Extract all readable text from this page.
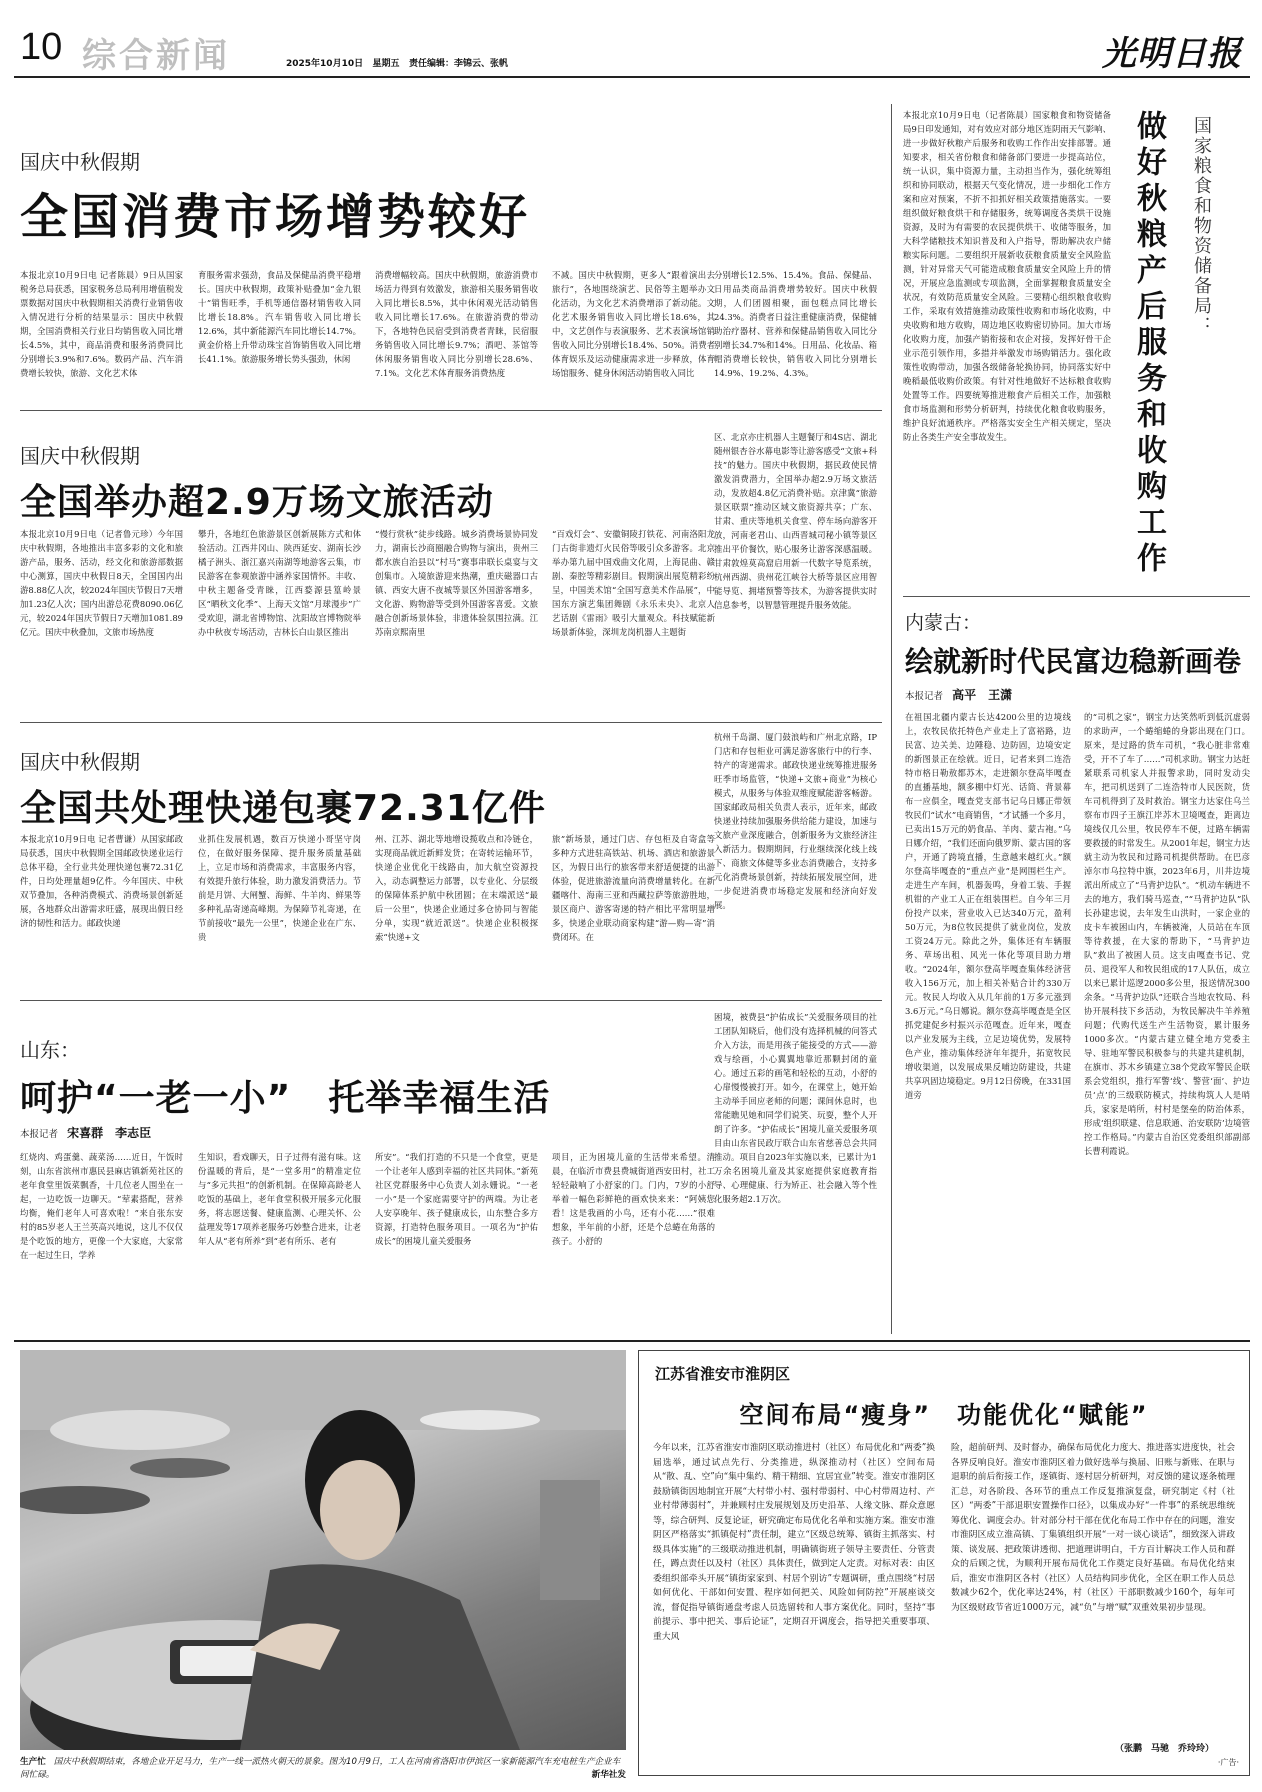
10 综合新闻	2025年10月10日 星期五 责任编辑：李锦云、张帆	光明日报
国庆中秋假期
全国消费市场增势较好
本报北京10月9日电 记者陈晨）9日从国家税务总局获悉，国家税务总局利用增值税发票数据对国庆中秋假期相关消费行业销售收入情况进行分析的结果显示：国庆中秋假期，全国消费相关行业日均销售收入同比增长4.5%，其中，商品消费和服务消费同比分别增长3.9%和7.6%。数码产品、汽车消费增长较快，旅游、文化艺术体
育服务需求强劲，食品及保健品消费平稳增长。国庆中秋假期，政策补贴叠加“金九银十”销售旺季，手机等通信器材销售收入同比增长18.8%。汽车销售收入同比增长12.6%，其中新能源汽车同比增长14.7%。黄金价格上升带动珠宝首饰销售收入同比增长41.1%。旅游服务增长势头强劲，休闲
消费增幅较高。国庆中秋假期，旅游消费市场活力得到有效激发，旅游相关服务销售收入同比增长8.5%，其中休闲观光活动销售收入同比增长17.6%。在旅游消费的带动下，各地特色民宿受到消费者青睐，民宿服务销售收入同比增长9.7%；酒吧、茶馆等休闲服务销售收入同比分别增长28.6%、7.1%。文化艺术体育服务消费热度
不减。国庆中秋假期，更多人“跟着演出去旅行”，各地围绕演艺、民俗等主题举办文化活动，为文化艺术消费增添了新动能。文化艺术服务销售收入同比增长18.6%，其中，文艺创作与表演服务、艺术表演场馆销售收入同比分别增长18.4%、50%。消费者体育娱乐及运动健康需求进一步释放，体育场馆服务、健身休闲活动销售收入同比
分别增长12.5%、15.4%。食品、保健品、日用品类商品消费增势较好。国庆中秋假期，人们团圆相聚，面包糕点同比增长24.3%。消费者日益注重健康消费，保健辅助治疗器材、营养和保健品销售收入同比分别增长34.7%和14%。日用品、化妆品、箱帽消费增长较快，销售收入同比分别增长14.9%、19.2%、4.3%。
国庆中秋假期
全国举办超2.9万场文旅活动
本报北京10月9日电（记者鲁元珍）今年国庆中秋假期，各地推出丰富多彩的文化和旅游产品，服务、活动，经文化和旅游部数据中心测算，国庆中秋假日8天，全国国内出游8.88亿人次，较2024年国庆节假日7天增加1.23亿人次；国内出游总花费8090.06亿元，较2024年国庆节假日7天增加1081.89亿元。国庆中秋叠加，文旅市场热度
攀升，各地红色旅游景区创新展陈方式和体验活动。江西井冈山、陕西延安、湖南长沙橘子洲头、浙江嘉兴南湖等地游客云集，市民游客在参观旅游中涵养家国情怀。丰收、中秋主题备受青睐，江西婺源县篁岭景区“晒秋文化季”、上海天文馆“月球漫步”广受欢迎，湖北省博物馆、沈阳故宫博物院举办中秋夜专场活动，吉林长白山景区推出
“慢行赏秋”徒步线路。城乡消费场景协同发力，湖南长沙商圈融合购物与演出，贵州三都水族自治县以“村马”赛事串联长桌宴与文创集市。入境旅游迎来热潮，重庆磁器口古镇、西安大唐不夜城等景区外国游客增多，文化游、购物游等受到外国游客喜爱。文旅融合创新场景体验，非遗体验氛围拉满。江苏南京熙南里
“百戏灯会”、安徽铜陵打铁花、河南洛阳龙门古街非遗灯火民俗等吸引众多游客。北京举办第九届中国戏曲文化周，上海昆曲、赣剧、秦腔等精彩剧目。假期演出展览精彩纷呈，中国美术馆“全国写意美术作品展”，中国东方演艺集团舞剧《永乐未央》、北京人艺话剧《雷雨》吸引大量观众。科技赋能新场景新体验，深圳龙岗机器人主题街
区、北京亦庄机器人主题餐厅和4S店、湖北随州银杏谷水幕电影等让游客感受“文旅+科技”的魅力。国庆中秋假期，据民政使民情激发消费潜力，全国举办超2.9万场文旅活动，发放超4.8亿元消费补贴。京津冀“旅游景区联票”推动区域文旅资源共享；广东、甘肃、重庆等地机关食堂、停车场向游客开放，河南老君山、山西晋城司秘小镇等景区推出平价餐饮，贴心服务让游客深感温暖。甘肃敦煌莫高窟启用新一代数字导览系统，杭州西湖、贵州花江峡谷大桥等景区应用智能导览、拥堵预警等技术，为游客提供实时信息参考，以智慧管理提升服务效能。
国庆中秋假期
全国共处理快递包裹72.31亿件
本报北京10月9日电 记者曹谦）从国家邮政局获悉，国庆中秋假期全国邮政快递业运行总体平稳，全行业共处理快递包裹72.31亿件，日均处理量超9亿件。今年国庆、中秋双节叠加，各种消费模式、消费场景创新延展，各地群众出游需求旺盛，展现出假日经济的韧性和活力。邮政快递
业抓住发展机遇，数百万快递小哥坚守岗位，在做好服务保障、提升服务质量基础上，立足市场和消费需求，丰富服务内容，有效提升旅行体验，助力激发消费活力。节前是月饼、大闸蟹、海鲜、牛羊肉、鲜果等多种礼品寄递高峰期。为保障节礼寄递，在节前接收“最先一公里”，快递企业在广东、贵
州、江苏、湖北等地增设揽收点和冷链仓，实现商品就近新鲜发货；在寄转运输环节，快递企业优化干线路由，加大航空资源投入，动态调整运力部署，以专业化、分层级的保障体系护航中秋团圆；在末端派送“最后一公里”，快递企业通过多仓协同与智能分单，实现“就近派送”。快递企业积极探索“快递+文
旅”新场景，通过门店、存包柜及自寄盒等多种方式进驻高铁站、机场、酒店和旅游景区，为假日出行的旅客带来舒适便捷的出游体验，促进旅游流量向消费增量转化。在新疆喀什、海南三亚和西藏拉萨等旅游胜地，景区商户、游客寄递的特产相比平常明显增多，快递企业联动商家构建“游—购—寄”消费闭环。在
杭州千岛湖、厦门鼓浪屿和广州北京路，IP门店和存包柜业可满足游客旅行中的行李、特产的寄递需求。邮政快递业统筹推进服务旺季市场监管，“快递+文旅+商业”为核心模式，从服务与体验双维度赋能游客畅游。国家邮政局相关负责人表示，近年来，邮政快递业持续加强服务供给能力建设，加速与文旅产业深度融合，创新服务为文旅经济注入新活力。假期期间，行业继续深化线上线下、商旅文体健等多业态消费融合，支持多元化消费场景创新，持续拓展发展空间，进一步促进消费市场稳定发展和经济向好发展。
山东：
呵护“一老一小”　托举幸福生活
本报记者 宋喜群　李志臣
红烧肉、鸡蛋羹、蔬菜汤……近日，午饭时刻，山东省滨州市惠民县麻店镇新苑社区的老年食堂里饭菜飘香，十几位老人围坐在一起，一边吃饭一边聊天。“荤素搭配，营养均衡，俺们老年人可喜欢啦！”来自张东安村的85岁老人王兰英高兴地说，这儿不仅仅是个吃饭的地方，更像一个大家庭，大家常在一起过生日，学养
生知识，看戏聊天，日子过得有滋有味。这份温暖的背后，是“一堂多用”的精准定位与“多元共担”的创新机制。在保障高龄老人吃饭的基础上，老年食堂积极开展多元化服务，将志愿送餐、健康监测、心理关怀、公益理发等17项养老服务巧妙整合进来，让老年人从“老有所养”到“老有所乐、老有
所安”。“我们打造的不只是一个食堂，更是一个让老年人感到幸福的社区共同体。”新苑社区党群服务中心负责人刘永姗说。“一老一小”是一个家庭需要守护的两端。为让老人安享晚年、孩子健康成长，山东整合多方资源，打造特色服务项目。一项名为“护佑成长”的困境儿童关爱服务
项目，正为困境儿童的生活带来希望。清晨，在临沂市费县费城街道西安田村，社工轻轻敲响了小舒家的门。门内，7岁的小舒举着一幅色彩鲜艳的画欢快来来：“阿姨您看！这是我画的小鸟，还有小花……”很难想象，半年前的小舒，还是个总蜷在角落的孩子。小舒的
困境，被费县“护佑成长”关爱服务项目的社工团队知晓后，他们没有选择机械的问答式介入方法，而是用孩子能接受的方式——游戏与绘画，小心翼翼地靠近那颗封闭的童心。通过五彩的画笔和轻松的互动，小舒的心扉慢慢被打开。如今，在课堂上，她开始主动举手回应老师的问题；课间休息时，也常能瞧见她和同学们说笑、玩耍，整个人开朗了许多。“护佑成长”困境儿童关爱服务项目由山东省民政厅联合山东省慈善总会共同推动。项目自2023年实施以来，已累计为1万余名困境儿童及其家庭提供家庭教育指导、心理健康、行为矫正、社会融入等个性化服务超2.1万次。
本报北京10月9日电（记者陈晨）国家粮食和物资储备局9日印发通知，对有效应对部分地区连阴雨天气影响、进一步做好秋粮产后服务和收购工作作出安排部署。通知要求，相关省份粮食和储备部门要进一步提高站位，统一认识，集中资源力量，主动担当作为，强化统筹组织和协同联动，根据天气变化情况，进一步细化工作方案和应对预案，不折不扣抓好相关政策措施落实。一要组织做好粮食烘干和存储服务，统筹调度各类烘干设施资源，及时为有需要的农民提供烘干、收储等服务，加大科学储粮技术知识普及和入户指导，帮助解决农户储粮实际问题。二要组织开展新收获粮食质量安全风险监测，针对异常天气可能造成粮食质量安全风险上升的情况，开展应急监测或专项监测，全面掌握粮食质量安全状况，有效防范质量安全风险。三要精心组织粮食收购工作，采取有效措施推动政策性收购和市场化收购，中央收购和地方收购，周边地区收购密切协同。加大市场化收购力度，加强产销衔接和农企对接，发挥好骨干企业示范引领作用，多措并举激发市场购销活力。强化政策性收购带动，加强各级储备轮换协同，协同落实好中晚稻最低收购价政策。有针对性地做好不达标粮食收购处置等工作。四要统筹推进粮食产后相关工作，加强粮食市场监测和形势分析研判，持续优化粮食收购服务，维护良好流通秩序。严格落实安全生产相关规定，坚决防止各类生产安全事故发生。
国家粮食和物资储备局：
做好秋粮产后服务和收购工作
内蒙古：
绘就新时代民富边稳新画卷
本报记者 高平　王潇
在祖国北疆内蒙古长达4200公里的边境线上，农牧民依托特色产业走上了富裕路，边民富、边关美、边陲稳、边防固，边境安定的新图景正在绘就。近日，记者来到二连浩特市格日勒敖都苏木，走进额尔登高毕嘎查的直播基地，额多棚中灯光、话筒、背景幕布一应俱全，嘎查党支部书记乌日娜正带领牧民们“试水”电商销售，“才试播一个多月，已卖出15万元的奶食品、羊肉、蒙古袍。”乌日娜介绍，“我们还面向俄罗斯、蒙古国的客户，开通了跨境直播，生意越来越红火。”额尔登高毕嘎查的“重点产业”是网围栏生产。走进生产车间，机器轰鸣，身着工装、手握机钳的产业工人正在组装围栏。自今年三月份投产以来，营业收入已达340万元，盈利50万元，为8位牧民提供了就业岗位，发放工资24万元。除此之外，集体还有车辆服务、草场出租、风光一体化等项目助力增收。“2024年，额尔登高毕嘎查集体经济营收入156万元，加上相关补贴合计约330万元。牧民人均收入从几年前的1万多元涨到3.6万元。”乌日娜说。额尔登高毕嘎查是全区抓党建促乡村振兴示范嘎查。近年来，嘎查以产业发展为主线，立足边境优势，发展特色产业，推动集体经济年年提升，拓宽牧民增收渠道，以发展成果反哺边防建设，共建共享巩固边境稳定。9月12日傍晚，在331国道旁
的“司机之家”，钢宝力达笑然听到低沉虚弱的求助声，一个蜷缩蜷的身影出现在门口。原来，是过路的货车司机，“我心脏非常难受，开不了车了……”司机求助。钢宝力达赶紧联系司机家人并报警求助，同时发动尖车，把司机送到了二连浩特市人民医院，货车司机得到了及时救治。钢宝力达家住乌兰察布市四子王旗江岸苏木卫境嘎查，距离边境线仅几公里，牧民停车不便，过路车辆需要救援的时常发生。从2001年起，钢宝力达就主动为牧民和过路司机提供帮助。在巴彦淖尔市乌拉特中旗，2023年6月，川井边境派出所成立了“马背护边队”。“机动车辆进不去的地方，我们骑马巡查，”“马背护边队”队长孙建忠说，去年发生山洪时，一家企业的皮卡车被困山内，车辆被淹，人员站在车顶等待救援，在大家的帮助下，“马背护边队”救出了被困人员。这支由嘎查书记、党员、退役军人和牧民组成的17人队伍，成立以来已累计巡逻2000多公里，报送情况300余条。“马背护边队”还联合当地农牧局、科协开展科技下乡活动，为牧民解决牛羊养殖问题；代购代送生产生活物资，累计服务1000多次。“内蒙古建立健全地方党委主导、驻地军警民积极参与的共建共建机制，在旗市、苏木乡镇建立38个党政军警民企联系会党组织，推行军警‘线’、警营‘面’、护边员‘点’的三级联防模式，持续构筑人人是哨兵，家家是哨所，村村是堡垒的防治体系，形成‘组织联建、信息联通、治安联防’边境管控工作格局。”内蒙古自治区党委组织部副部长曹利霞说。
生产忙 国庆中秋假期结束，各地企业开足马力，生产一线一派热火朝天的景象。图为10月9日，工人在河南省洛阳市伊滨区一家新能源汽车充电桩生产企业车间忙碌。	新华社发
江苏省淮安市淮阴区
空间布局“瘦身”　功能优化“赋能”
今年以来，江苏省淮安市淮阴区联动推进村（社区）布局优化和“两委”换届选举，通过试点先行、分类推进，纵深推动村（社区）空间布局从“散、乱、空”向“集中集约、精干精细、宜居宜业”转变。淮安市淮阴区鼓励镇街因地制宜开展“大村带小村、强村带弱村、中心村带周边村、产业村带薄弱村”，并兼顾村庄发展规划及历史沿革、人缘文脉、群众意愿等，综合研判、反复论证，研究确定布局优化名单和实施方案。淮安市淮阴区严格落实“抓镇促村”责任制，建立“区级总统筹、镇街主抓落实、村级具体实施”的三级联动推进机制，明确镇街班子领导主要责任、分管责任，蹲点责任以及村（社区）具体责任，做到定人定责。对标对表：由区委组织部牵头开展“镇街家家到、村居个别访”专题调研，重点围绕“村居如何优化、干部如何安置、程序如何把关、风险如何防控”开展座谈交流，督促指导镇街通盘考虑人员选留转和人事方案优化。同时，坚持“事前提示、事中把关、事后论证”，定期召开调度会，指导把关重要事项、重大风
险，超前研判、及时督办，确保布局优化力度大、推进落实进度快，社会各界反响良好。淮安市淮阴区着力做好选举与换届、旧账与新账、在职与退职的前后衔接工作，逐镇街、逐村居分析研判，对反馈的建议逐条梳理汇总，对各阶段、各环节的重点工作反复推演复盘，研究制定《村（社区）“两委”干部退职安置操作口径》，以集成办好“一件事”的系统思维统筹优化、调度会办。针对部分村干部在优化布局工作中存在的问题，淮安市淮阴区成立淮高镇、丁集镇组织开展“一对一谈心谈话”，细致深入讲政策、谈发展、把政策讲透彻、把道理讲明白，千方百计解决工作人员和群众的后顾之忧，为顺利开展布局优化工作奠定良好基础。布局优化结束后，淮安市淮阴区各村（社区）人员结构同步优化，全区在职工作人员总数减少62个，优化率达24%，村（社区）干部职数减少160个，每年可为区级财政节省近1000万元，减“负”与增“赋”双重效果初步显现。
（张鹏　马驰　乔玲玲）
·广告·
